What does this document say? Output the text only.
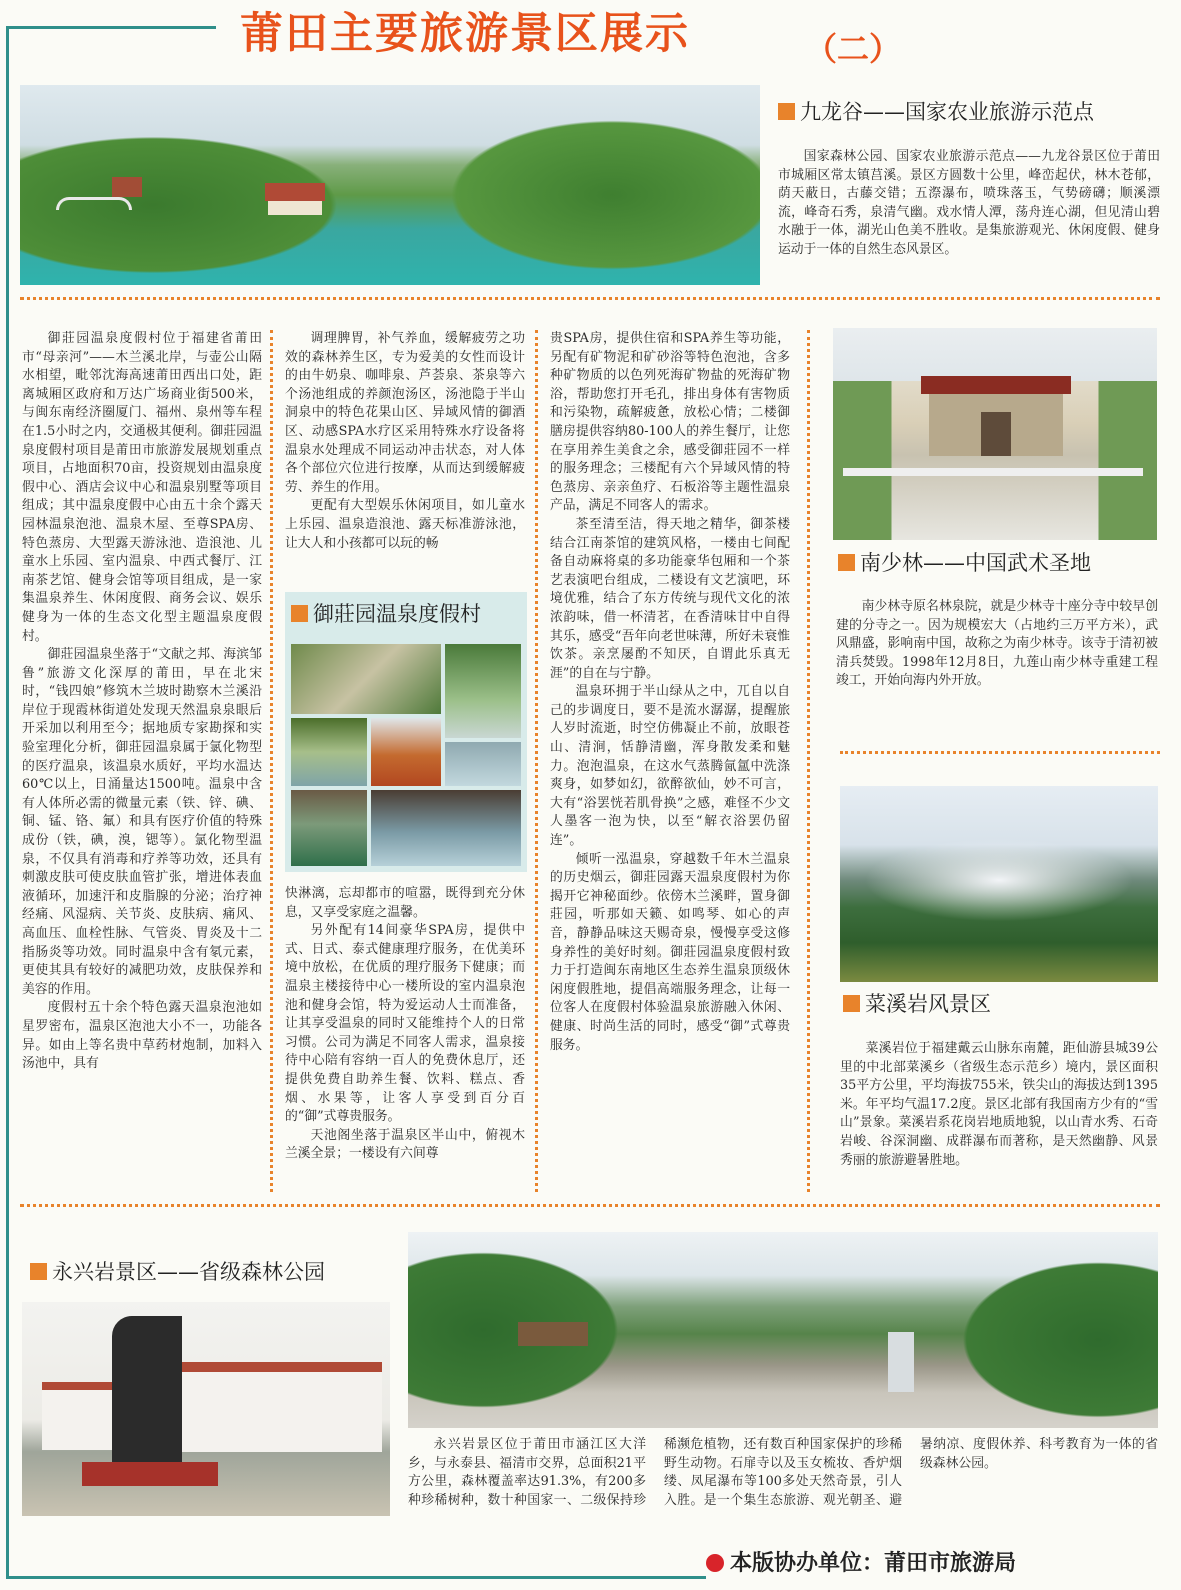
莆田主要旅游景区展示	（二）
九龙谷——国家农业旅游示范点

国家森林公园、国家农业旅游示范点——九龙谷景区位于莆田市城厢区常太镇莒溪。景区方圆数十公里，峰峦起伏，林木苍郁，荫天蔽日，古藤交错；五漈瀑布，喷珠落玉，气势磅礴；顺溪漂流，峰奇石秀，泉清气幽。戏水情人潭，荡舟连心湖，但见清山碧水融于一体，湖光山色美不胜收。是集旅游观光、休闲度假、健身运动于一体的自然生态风景区。

御莊园温泉度假村位于福建省莆田市“母亲河”——木兰溪北岸，与壶公山隔水相望，毗邻沈海高速莆田西出口处，距离城厢区政府和万达广场商业街500米，与闽东南经济圈厦门、福州、泉州等车程在1.5小时之内，交通极其便利。御莊园温泉度假村项目是莆田市旅游发展规划重点项目，占地面积70亩，投资规划由温泉度假中心、酒店会议中心和温泉别墅等项目组成；其中温泉度假中心由五十余个露天园林温泉泡池、温泉木屋、至尊SPA房、特色蒸房、大型露天游泳池、造浪池、儿童水上乐园、室内温泉、中西式餐厅、江南茶艺馆、健身会馆等项目组成，是一家集温泉养生、休闲度假、商务会议、娱乐健身为一体的生态文化型主题温泉度假村。

御莊园温泉坐落于“文献之邦、海滨邹鲁”旅游文化深厚的莆田，早在北宋时，“钱四娘”修筑木兰坡时勘察木兰溪沿岸位于现霞林街道处发现天然温泉泉眼后开采加以利用至今；据地质专家勘探和实验室理化分析，御莊园温泉属于氯化物型的医疗温泉，该温泉水质好，平均水温达60℃以上，日涌量达1500吨。温泉中含有人体所必需的微量元素（铁、锌、碘、铜、锰、铬、氟）和具有医疗价值的特殊成份（铁，碘，溴，锶等）。氯化物型温泉，不仅具有消毒和疗养等功效，还具有刺激皮肤可使皮肤血管扩张，增进体表血液循环，加速汗和皮脂腺的分泌；治疗神经痛、风湿病、关节炎、皮肤病、痛风、高血压、血栓性脉、气管炎、胃炎及十二指肠炎等功效。同时温泉中含有氡元素，更使其具有较好的减肥功效，皮肤保养和美容的作用。

度假村五十余个特色露天温泉泡池如星罗密布，温泉区泡池大小不一，功能各异。如由上等名贵中草药材炮制，加料入汤池中，具有

调理脾胃，补气养血，缓解疲劳之功效的森林养生区，专为爱美的女性而设计的由牛奶泉、咖啡泉、芦荟泉、茶泉等六个汤池组成的养颜泡汤区，汤池隐于半山洞泉中的特色花果山区、异域风情的御酒区、动感SPA水疗区采用特殊水疗设备将温泉水处理成不同运动冲击状态，对人体各个部位穴位进行按摩，从而达到缓解疲劳、养生的作用。

更配有大型娱乐休闲项目，如儿童水上乐园、温泉造浪池、露天标准游泳池，让大人和小孩都可以玩的畅

御莊园温泉度假村

快淋漓，忘却都市的喧嚣，既得到充分休息，又享受家庭之温馨。

另外配有14间豪华SPA房，提供中式、日式、泰式健康理疗服务，在优美环境中放松，在优质的理疗服务下健康；而温泉主楼接待中心一楼所设的室内温泉泡池和健身会馆，特为爱运动人士而准备，让其享受温泉的同时又能维持个人的日常习惯。公司为满足不同客人需求，温泉接待中心陪有容纳一百人的免费休息厅，还提供免费自助养生餐、饮料、糕点、香烟、水果等，让客人享受到百分百的“御”式尊贵服务。

天池阁坐落于温泉区半山中，俯视木兰溪全景；一楼设有六间尊

贵SPA房，提供住宿和SPA养生等功能，另配有矿物泥和矿砂浴等特色泡池，含多种矿物质的以色列死海矿物盐的死海矿物浴，帮助您打开毛孔，排出身体有害物质和污染物，疏解疲惫，放松心情；二楼御膳房提供容纳80-100人的养生餐厅，让您在享用养生美食之余，感受御莊园不一样的服务理念；三楼配有六个异域风情的特色蒸房、亲亲鱼疗、石板浴等主题性温泉产品，满足不同客人的需求。

茶至清至洁，得天地之精华，御茶楼结合江南茶馆的建筑风格，一楼由七间配备自动麻将桌的多功能豪华包厢和一个茶艺表演吧台组成，二楼设有文艺演吧，环境优雅，结合了东方传统与现代文化的浓浓韵味，借一杯清茗，在香清味甘中自得其乐，感受“吾年向老世味薄，所好未衰惟饮茶。亲烹屡酌不知厌，自谓此乐真无涯”的自在与宁静。

温泉环拥于半山绿从之中，兀自以自己的步调度日，要不是流水潺潺，提醒旅人岁时流逝，时空仿佛凝止不前，放眼苍山、清涧，恬静清幽，浑身散发柔和魅力。泡泡温泉，在这水气蒸腾氤氲中洗涤爽身，如梦如幻，欲醉欲仙，妙不可言，大有“浴罢恍若肌骨换”之感，难怪不少文人墨客一泡为快，以至“解衣浴罢仍留连”。

倾听一泓温泉，穿越数千年木兰温泉的历史烟云，御莊园露天温泉度假村为你揭开它神秘面纱。依傍木兰溪畔，置身御莊园，听那如天籁、如鸣琴、如心的声音，静静品味这天赐奇泉，慢慢享受这修身养性的美好时刻。御莊园温泉度假村致力于打造闽东南地区生态养生温泉顶级休闲度假胜地，提倡高端服务理念，让每一位客人在度假村体验温泉旅游融入休闲、健康、时尚生活的同时，感受“御”式尊贵服务。

南少林——中国武术圣地

南少林寺原名林泉院，就是少林寺十座分寺中较早创建的分寺之一。因为规模宏大（占地约三万平方米），武风鼎盛，影响南中国，故称之为南少林寺。该寺于清初被清兵焚毁。1998年12月8日，九莲山南少林寺重建工程竣工，开始向海内外开放。

菜溪岩风景区

菜溪岩位于福建戴云山脉东南麓，距仙游县城39公里的中北部菜溪乡（省级生态示范乡）境内，景区面积35平方公里，平均海拔755米，铁尖山的海拔达到1395米。年平均气温17.2度。景区北部有我国南方少有的“雪山”景象。菜溪岩系花岗岩地质地貌，以山青水秀、石奇岩峻、谷深洞幽、成群瀑布而著称，是天然幽静、风景秀丽的旅游避暑胜地。

永兴岩景区——省级森林公园

永兴岩景区位于莆田市涵江区大洋乡，与永泰县、福清市交界，总面积21平方公里，森林覆盖率达91.3%，有200多种珍稀树种，数十种国家一、二级保持珍稀濒危植物，还有数百种国家保护的珍稀野生动物。石扉寺以及玉女梳妆、香炉烟缕、凤尾瀑布等100多处天然奇景，引人入胜。是一个集生态旅游、观光朝圣、避暑纳凉、度假休养、科考教育为一体的省级森林公园。

本版协办单位：莆田市旅游局
